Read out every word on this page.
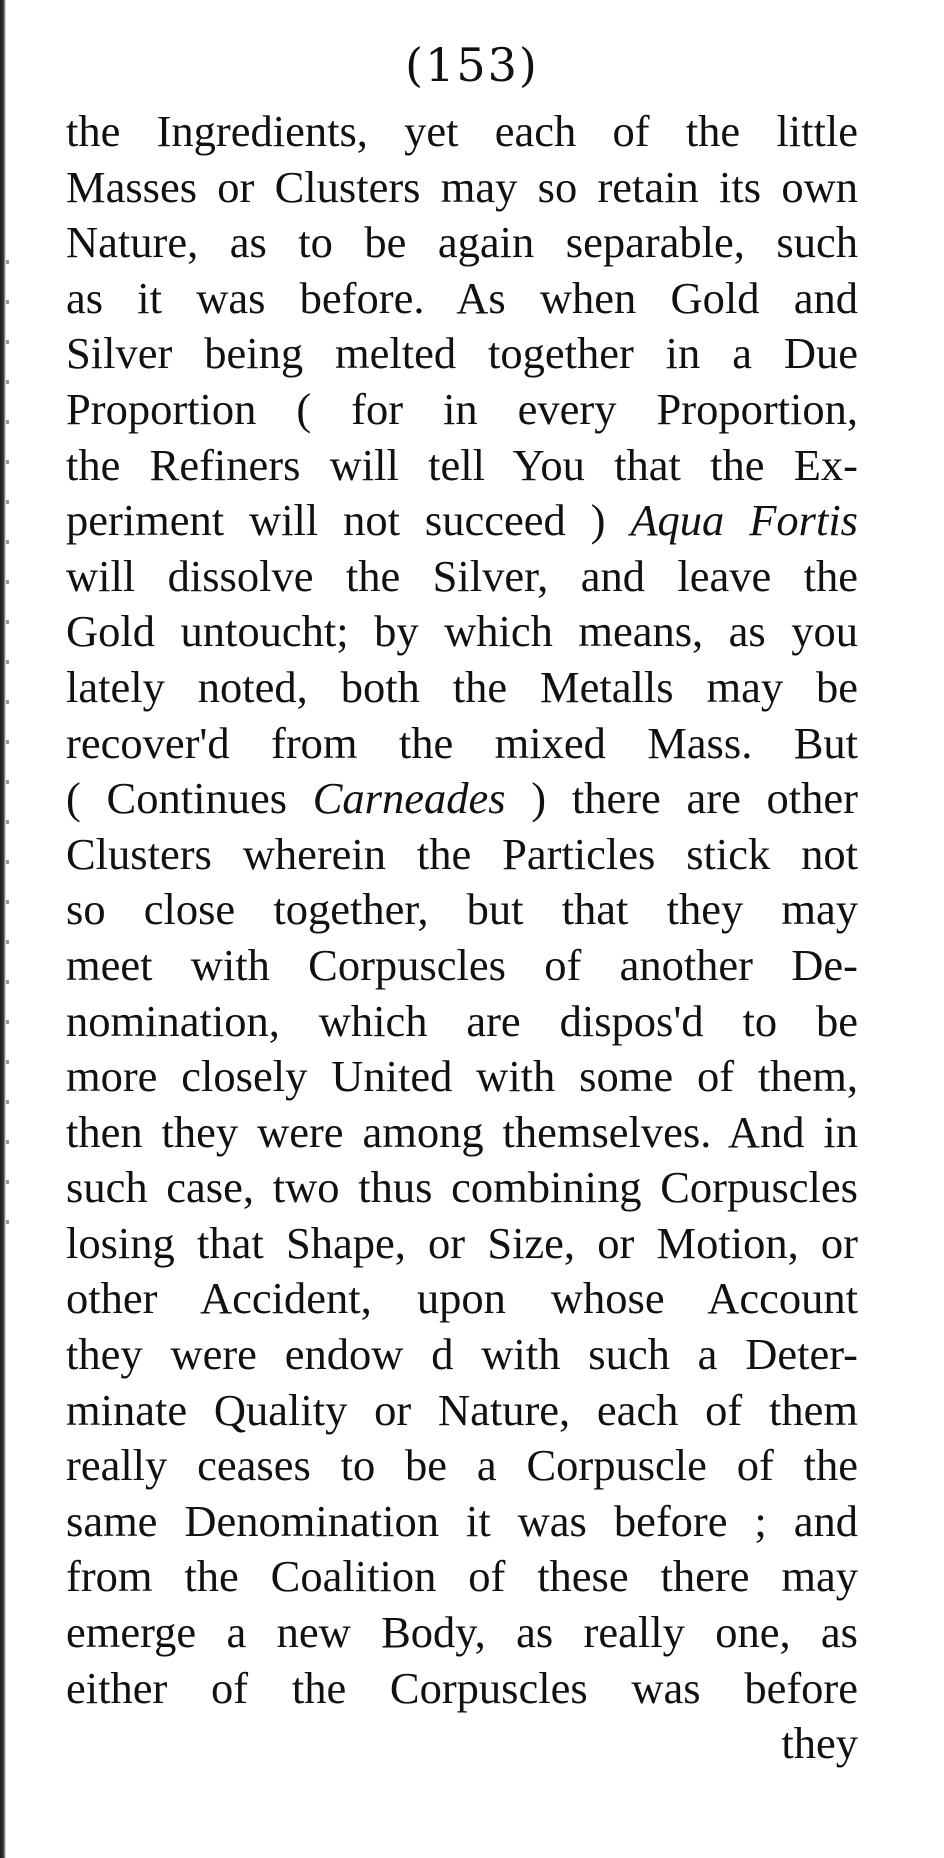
(153)
the Ingredients, yet each of the little
Masses or Clusters may so retain its own
Nature, as to be again separable, such
as it was before. As when Gold and
Silver being melted together in a Due
Proportion ( for in every Proportion,
the Refiners will tell You that the Ex-
periment will not succeed ) Aqua Fortis
will dissolve the Silver, and leave the
Gold untoucht; by which means, as you
lately noted, both the Metalls may be
recover'd from the mixed Mass. But
( Continues Carneades ) there are other
Clusters wherein the Particles stick not
so close together, but that they may
meet with Corpuscles of another De-
nomination, which are dispos'd to be
more closely United with some of them,
then they were among themselves. And in
such case, two thus combining Corpuscles
losing that Shape, or Size, or Motion, or
other Accident, upon whose Account
they were endow d with such a Deter-
minate Quality or Nature, each of them
really ceases to be a Corpuscle of the
same Denomination it was before ; and
from the Coalition of these there may
emerge a new Body, as really one, as
either of the Corpuscles was before
they
